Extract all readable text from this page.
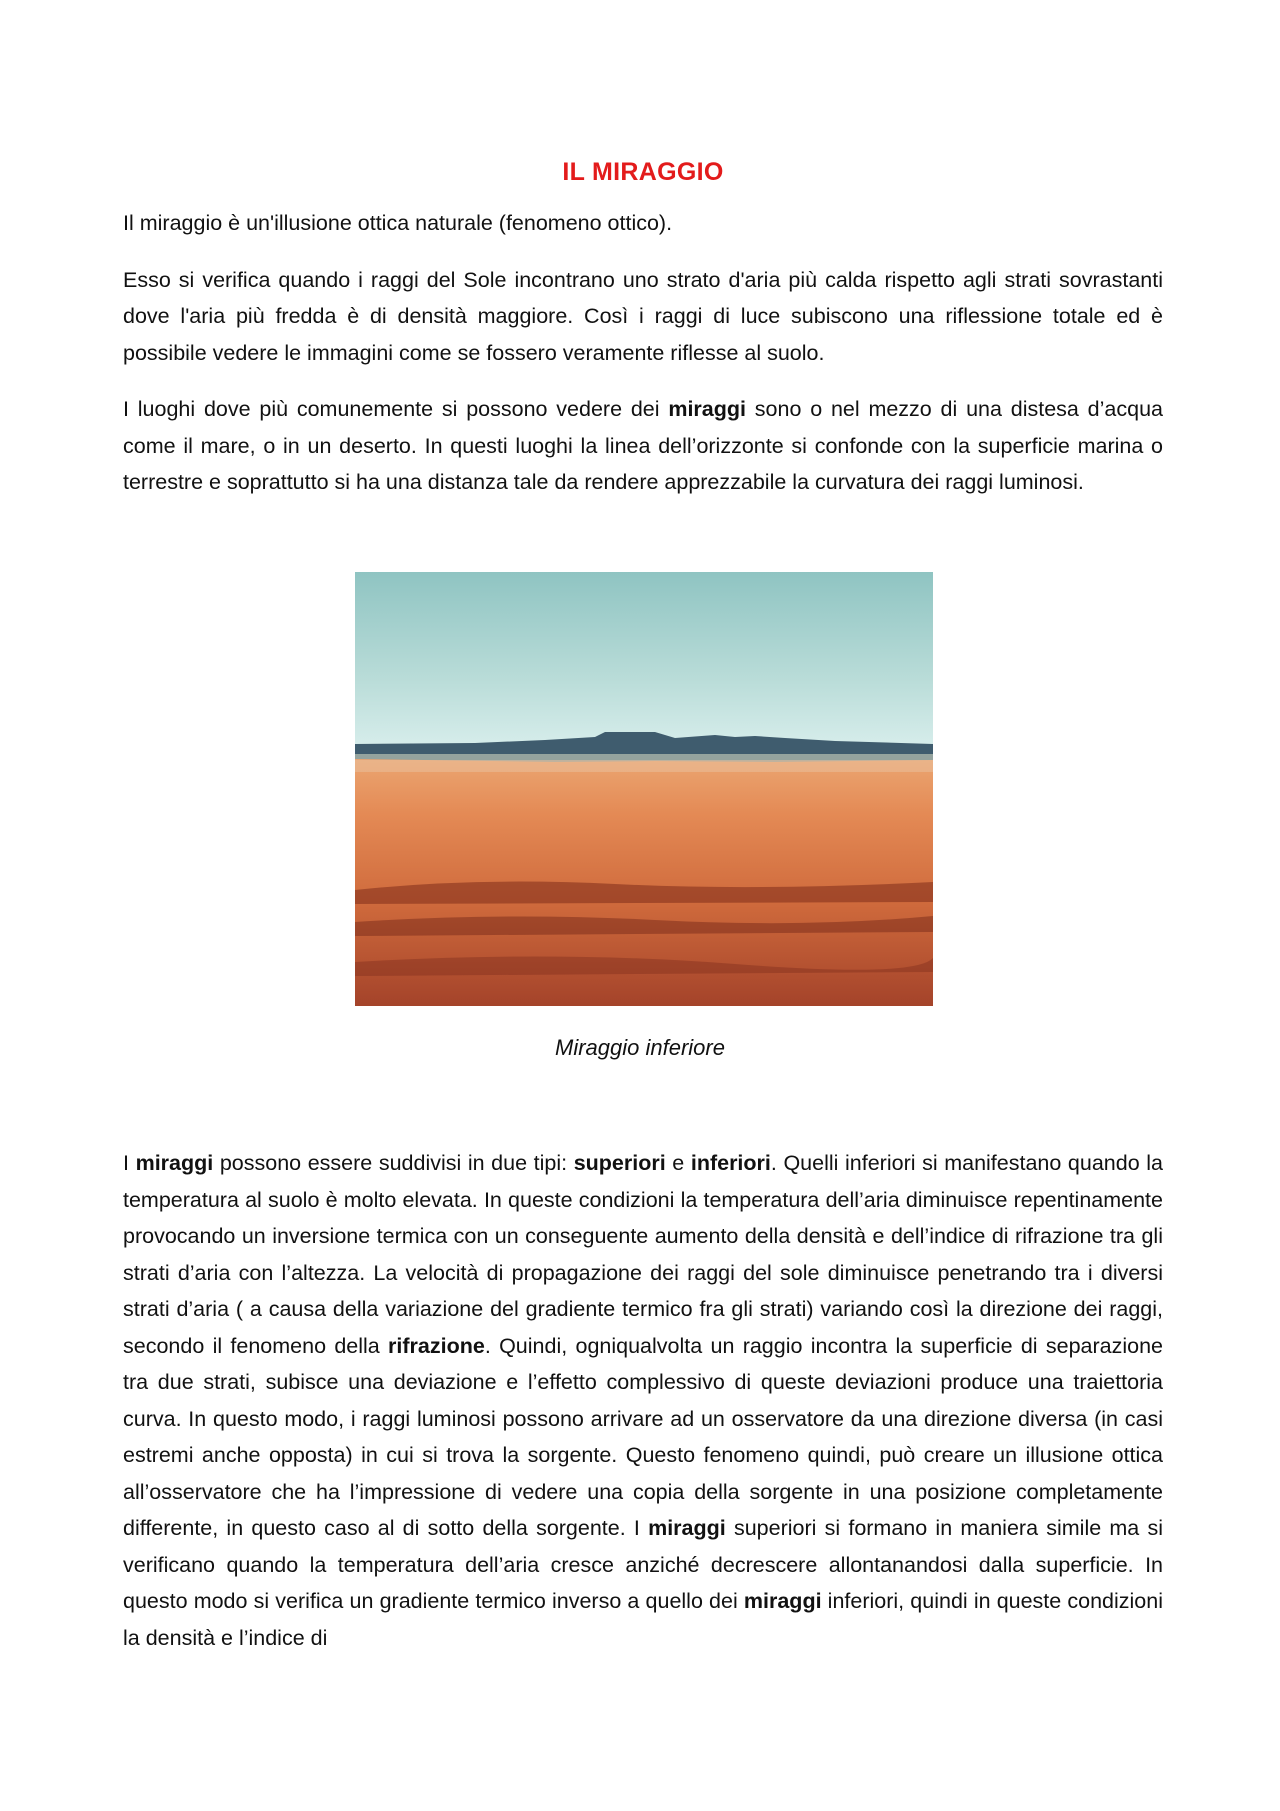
IL MIRAGGIO

Il miraggio è un'illusione ottica naturale (fenomeno ottico).

Esso si verifica quando i raggi del Sole incontrano uno strato d'aria più calda rispetto agli strati sovrastanti dove l'aria più fredda è di densità maggiore. Così i raggi di luce subiscono una riflessione totale ed è possibile vedere le immagini come se fossero veramente riflesse al suolo.

I luoghi dove più comunemente si possono vedere dei miraggi sono o nel mezzo di una distesa d’acqua come il mare, o in un deserto. In questi luoghi la linea dell’orizzonte si confonde con la superficie marina o terrestre e soprattutto si ha una distanza tale da rendere apprezzabile la curvatura dei raggi luminosi.

Miraggio inferiore

I miraggi possono essere suddivisi in due tipi: superiori e inferiori. Quelli inferiori si manifestano quando la temperatura al suolo è molto elevata. In queste condizioni la temperatura dell’aria diminuisce repentinamente provocando un inversione termica con un conseguente aumento della densità e dell’indice di rifrazione tra gli strati d’aria con l’altezza. La velocità di propagazione dei raggi del sole diminuisce penetrando tra i diversi strati d’aria ( a causa della variazione del gradiente termico fra gli strati) variando così la direzione dei raggi, secondo il fenomeno della rifrazione. Quindi, ogniqualvolta un raggio incontra la superficie di separazione tra due strati, subisce una deviazione e l’effetto complessivo di queste deviazioni produce una traiettoria curva. In questo modo, i raggi luminosi possono arrivare ad un osservatore da una direzione diversa (in casi estremi anche opposta) in cui si trova la sorgente. Questo fenomeno quindi, può creare un illusione ottica all’osservatore che ha l’impressione di vedere una copia della sorgente in una posizione completamente differente, in questo caso al di sotto della sorgente. I miraggi superiori si formano in maniera simile ma si verificano quando la temperatura dell’aria cresce anziché decrescere allontanandosi dalla superficie. In questo modo si verifica un gradiente termico inverso a quello dei miraggi inferiori, quindi in queste condizioni la densità e l’indice di
